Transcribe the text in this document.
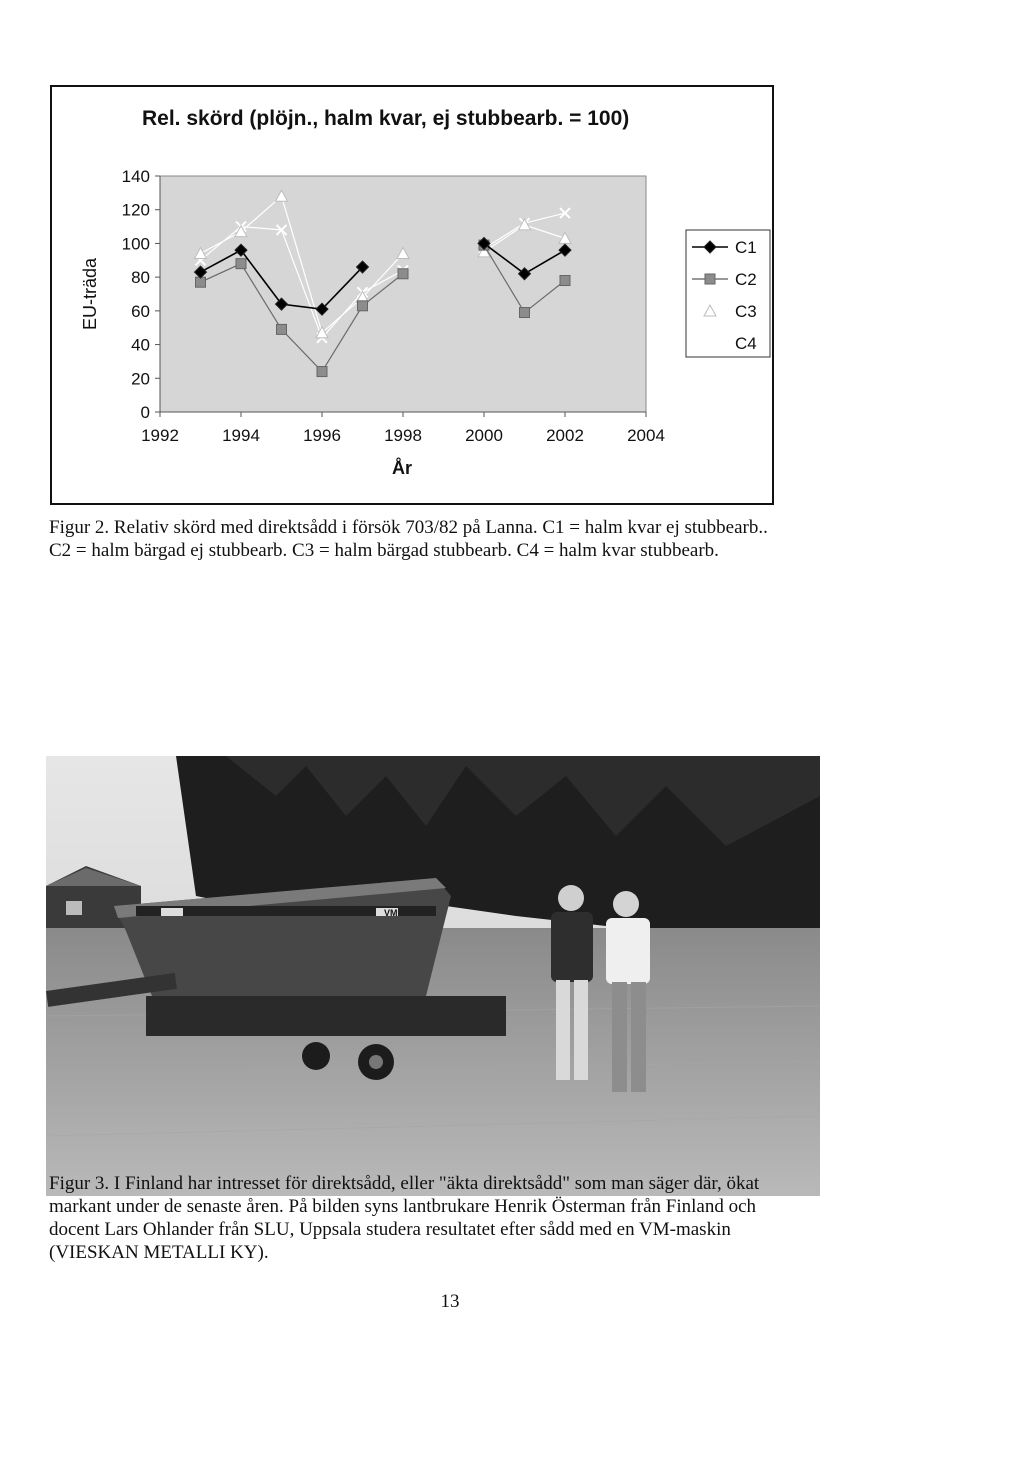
Rel. skörd (plöjn., halm kvar, ej stubbearb. = 100)
0
20
40
60
80
100
120
140
1992	1994	1996	1998	2000	2002	2004
EU-träda
År
C1
C2
C3
C4
Figur 2. Relativ skörd med direktsådd i försök 703/82 på Lanna. C1 = halm kvar ej stubbearb..
C2 = halm bärgad ej stubbearb. C3 = halm bärgad stubbearb. C4 = halm kvar stubbearb.
VM
Figur 3. I Finland har intresset för direktsådd, eller "äkta direktsådd" som man säger där, ökat
markant under de senaste åren. På bilden syns lantbrukare Henrik Österman från Finland och
docent Lars Ohlander från SLU, Uppsala studera resultatet efter sådd med en VM-maskin
(VIESKAN METALLI KY).
13
